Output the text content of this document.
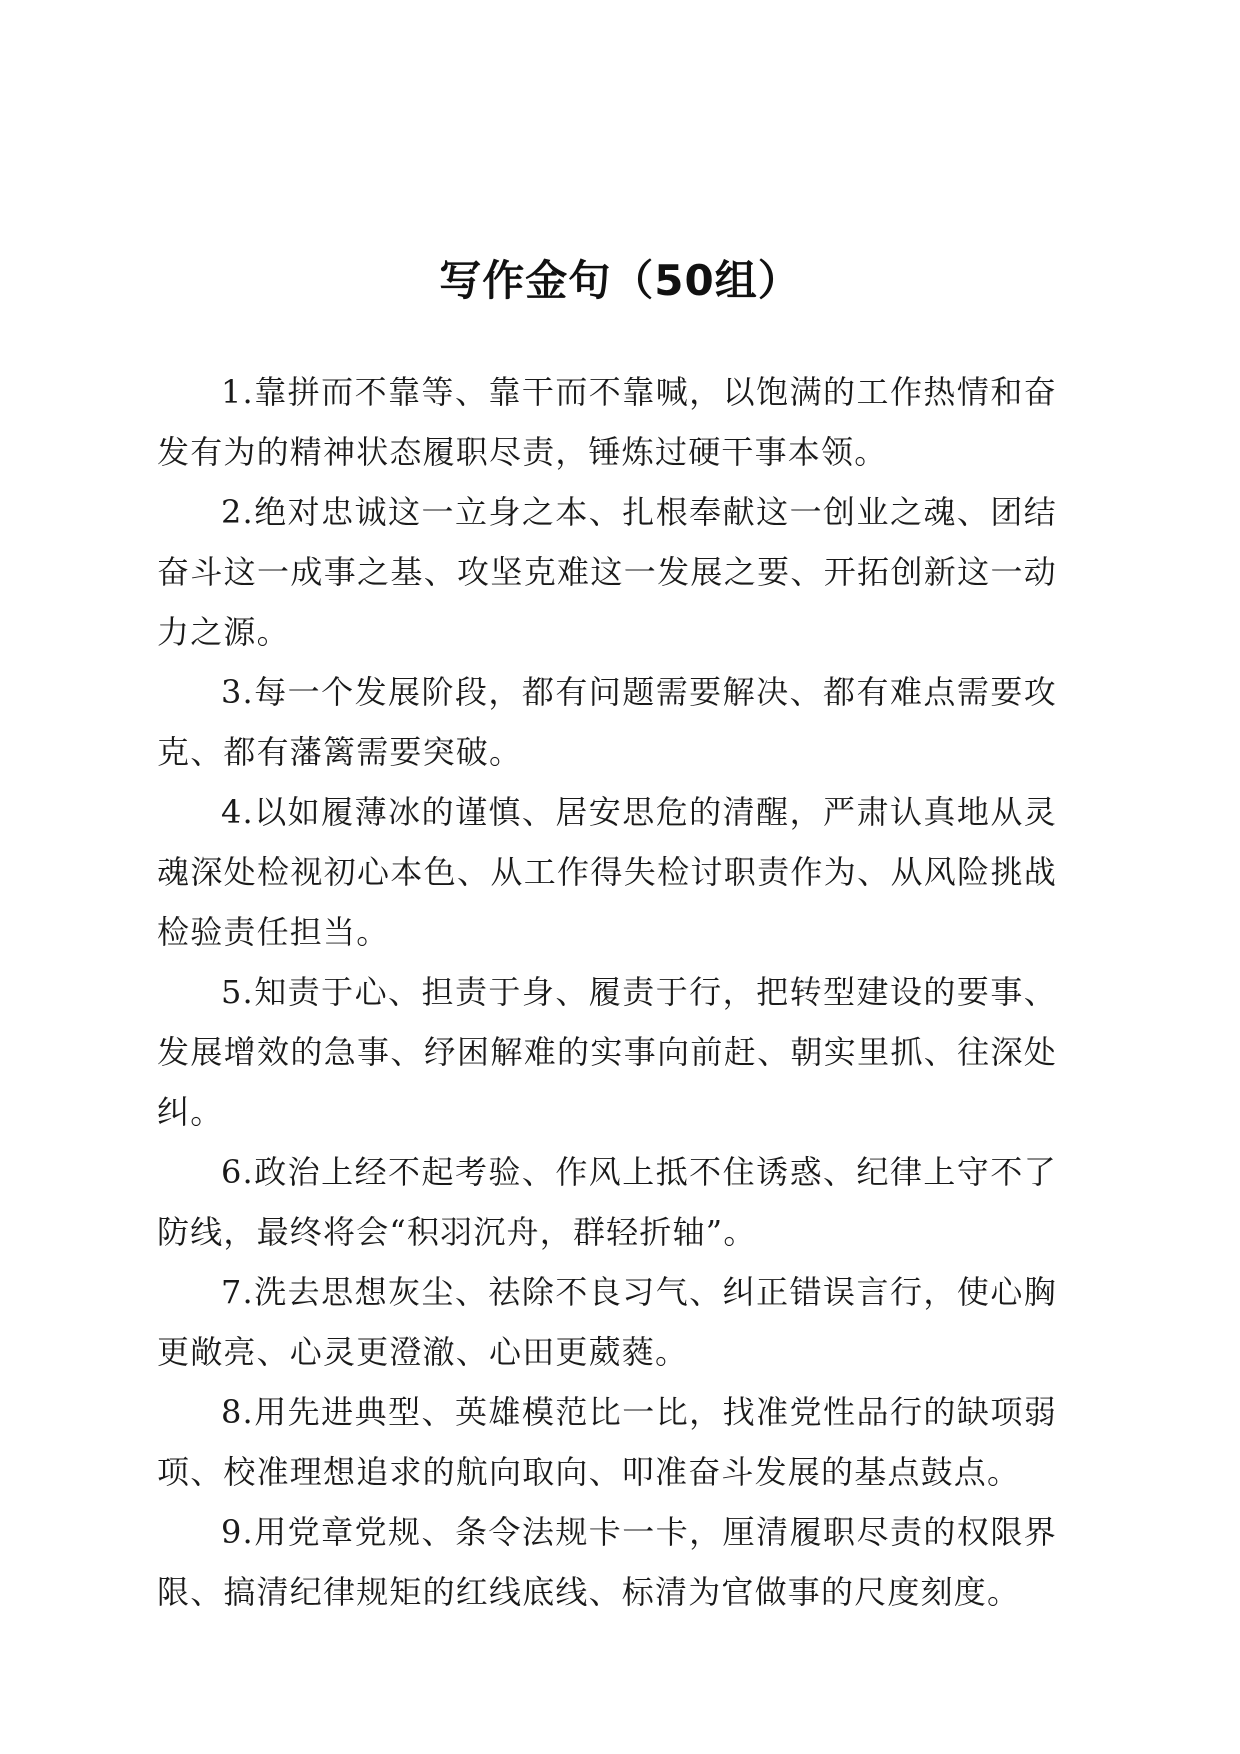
写作金句（50组）

1.靠拼而不靠等、靠干而不靠喊，以饱满的工作热情和奋发有为的精神状态履职尽责，锤炼过硬干事本领。

2.绝对忠诚这一立身之本、扎根奉献这一创业之魂、团结奋斗这一成事之基、攻坚克难这一发展之要、开拓创新这一动力之源。

3.每一个发展阶段，都有问题需要解决、都有难点需要攻克、都有藩篱需要突破。

4.以如履薄冰的谨慎、居安思危的清醒，严肃认真地从灵魂深处检视初心本色、从工作得失检讨职责作为、从风险挑战检验责任担当。

5.知责于心、担责于身、履责于行，把转型建设的要事、发展增效的急事、纾困解难的实事向前赶、朝实里抓、往深处纠。

6.政治上经不起考验、作风上抵不住诱惑、纪律上守不了防线，最终将会“积羽沉舟，群轻折轴”。

7.洗去思想灰尘、祛除不良习气、纠正错误言行，使心胸更敞亮、心灵更澄澈、心田更葳蕤。

8.用先进典型、英雄模范比一比，找准党性品行的缺项弱项、校准理想追求的航向取向、叩准奋斗发展的基点鼓点。

9.用党章党规、条令法规卡一卡，厘清履职尽责的权限界限、搞清纪律规矩的红线底线、标清为官做事的尺度刻度。
